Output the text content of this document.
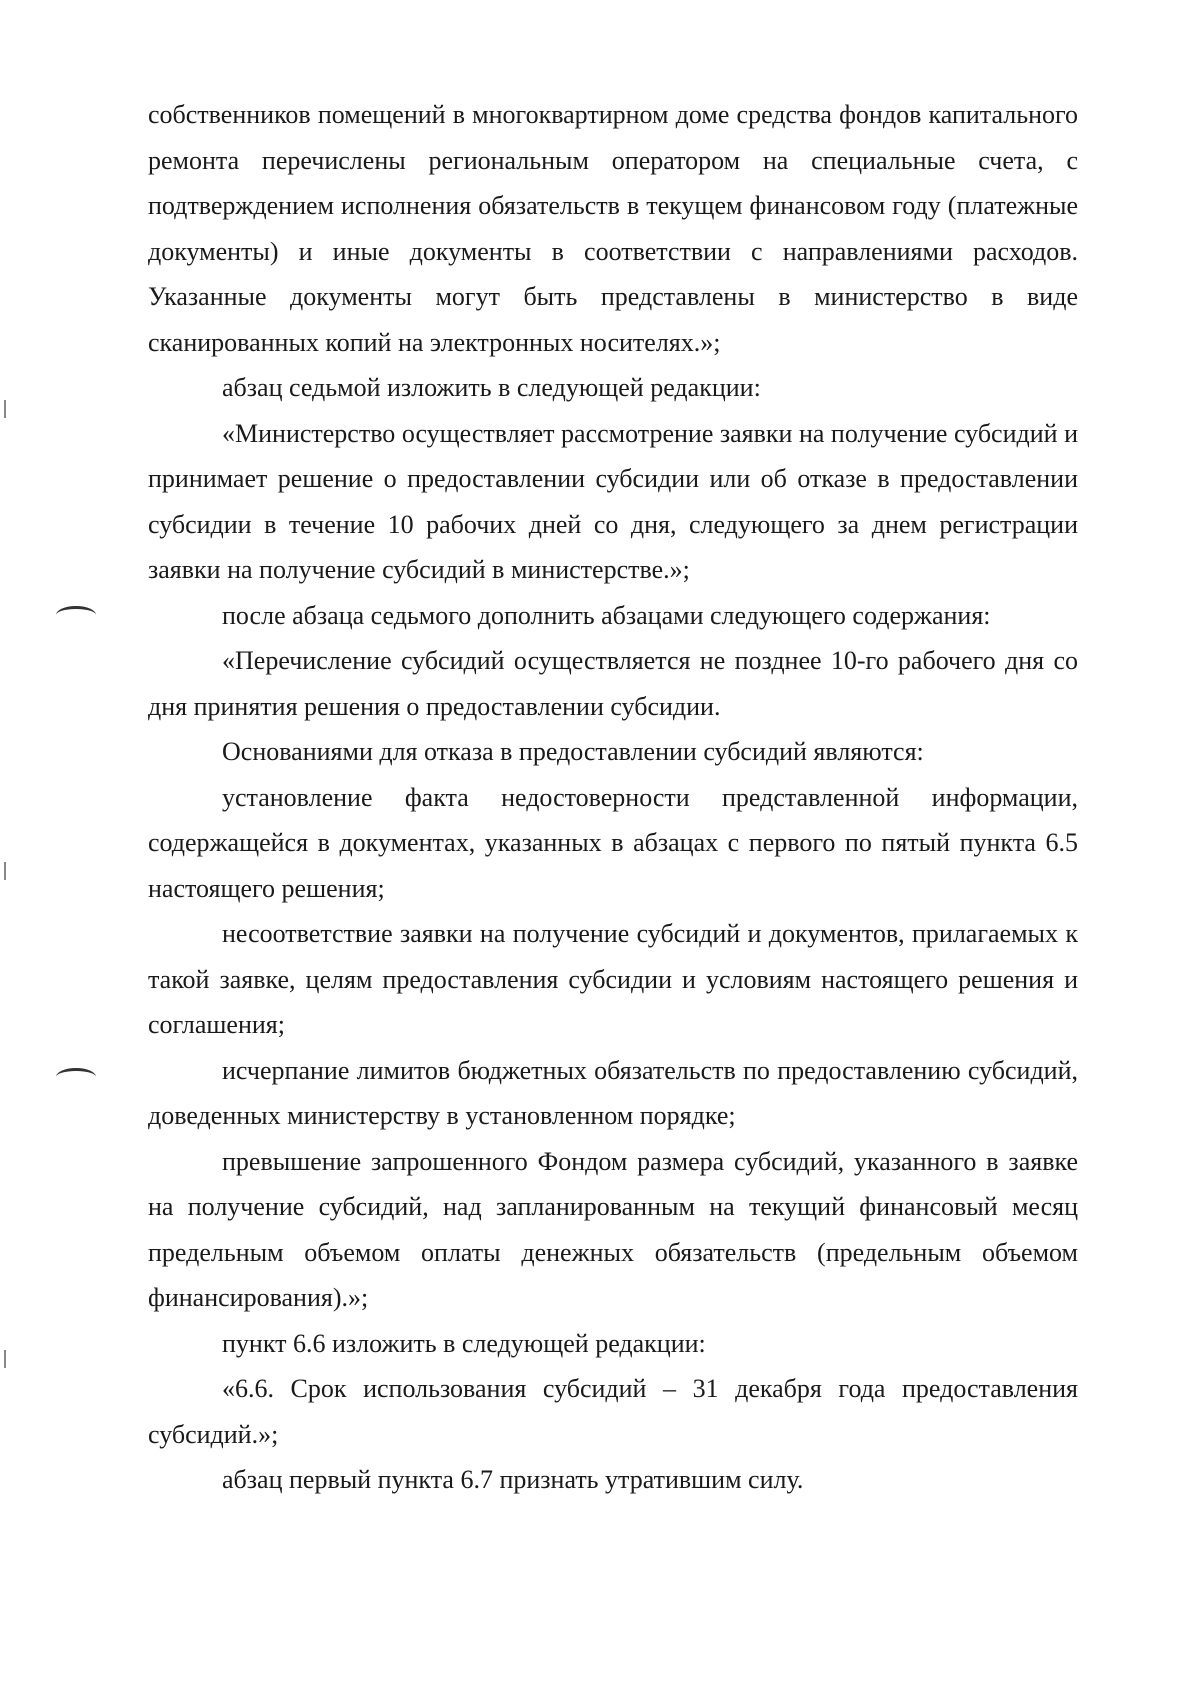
собственников помещений в многоквартирном доме средства фондов капитального ремонта перечислены региональным оператором на специальные счета, с подтверждением исполнения обязательств в текущем финансовом году (платежные документы) и иные документы в соответствии с направлениями расходов. Указанные документы могут быть представлены в министерство в виде сканированных копий на электронных носителях.»;

абзац седьмой изложить в следующей редакции:

«Министерство осуществляет рассмотрение заявки на получение субсидий и принимает решение о предоставлении субсидии или об отказе в предоставлении субсидии в течение 10 рабочих дней со дня, следующего за днем регистрации заявки на получение субсидий в министерстве.»;

после абзаца седьмого дополнить абзацами следующего содержания:

«Перечисление субсидий осуществляется не позднее 10-го рабочего дня со дня принятия решения о предоставлении субсидии.

Основаниями для отказа в предоставлении субсидий являются:

установление факта недостоверности представленной информации, содержащейся в документах, указанных в абзацах с первого по пятый пункта 6.5 настоящего решения;

несоответствие заявки на получение субсидий и документов, прилагаемых к такой заявке, целям предоставления субсидии и условиям настоящего решения и соглашения;

исчерпание лимитов бюджетных обязательств по предоставлению субсидий, доведенных министерству в установленном порядке;

превышение запрошенного Фондом размера субсидий, указанного в заявке на получение субсидий, над запланированным на текущий финансовый месяц предельным объемом оплаты денежных обязательств (предельным объемом финансирования).»;

пункт 6.6 изложить в следующей редакции:

«6.6. Срок использования субсидий – 31 декабря года предоставления субсидий.»;

абзац первый пункта 6.7 признать утратившим силу.
